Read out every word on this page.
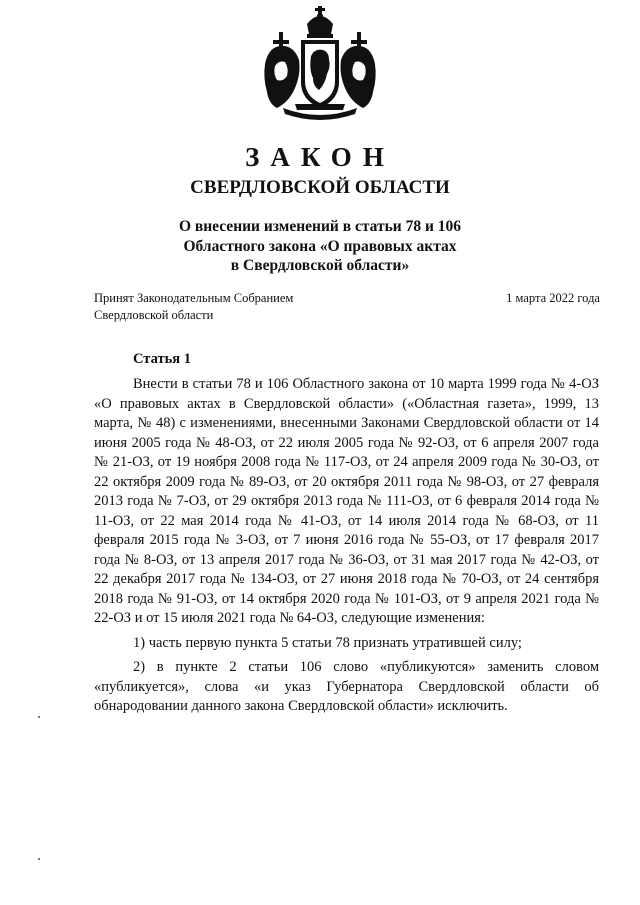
ЗАКОН
СВЕРДЛОВСКОЙ ОБЛАСТИ
О внесении изменений в статьи 78 и 106
Областного закона «О правовых актах
в Свердловской области»
Принят Законодательным Собранием
Свердловской области
1 марта 2022 года
Статья 1

Внести в статьи 78 и 106 Областного закона от 10 марта 1999 года № 4-ОЗ «О правовых актах в Свердловской области» («Областная газета», 1999, 13 марта, № 48) с изменениями, внесенными Законами Свердловской области от 14 июня 2005 года № 48-ОЗ, от 22 июля 2005 года № 92-ОЗ, от 6 апреля 2007 года № 21-ОЗ, от 19 ноября 2008 года № 117-ОЗ, от 24 апреля 2009 года № 30-ОЗ, от 22 октября 2009 года № 89-ОЗ, от 20 октября 2011 года № 98-ОЗ, от 27 февраля 2013 года № 7-ОЗ, от 29 октября 2013 года № 111-ОЗ, от 6 февраля 2014 года № 11-ОЗ, от 22 мая 2014 года № 41-ОЗ, от 14 июля 2014 года № 68-ОЗ, от 11 февраля 2015 года № 3-ОЗ, от 7 июня 2016 года № 55-ОЗ, от 17 февраля 2017 года № 8-ОЗ, от 13 апреля 2017 года № 36-ОЗ, от 31 мая 2017 года № 42-ОЗ, от 22 декабря 2017 года № 134-ОЗ, от 27 июня 2018 года № 70-ОЗ, от 24 сентября 2018 года № 91-ОЗ, от 14 октября 2020 года № 101-ОЗ, от 9 апреля 2021 года № 22-ОЗ и от 15 июля 2021 года № 64-ОЗ, следующие изменения:

1) часть первую пункта 5 статьи 78 признать утратившей силу;

2) в пункте 2 статьи 106 слово «публикуются» заменить словом «публикуется», слова «и указ Губернатора Свердловской области об обнародовании данного закона Свердловской области» исключить.
